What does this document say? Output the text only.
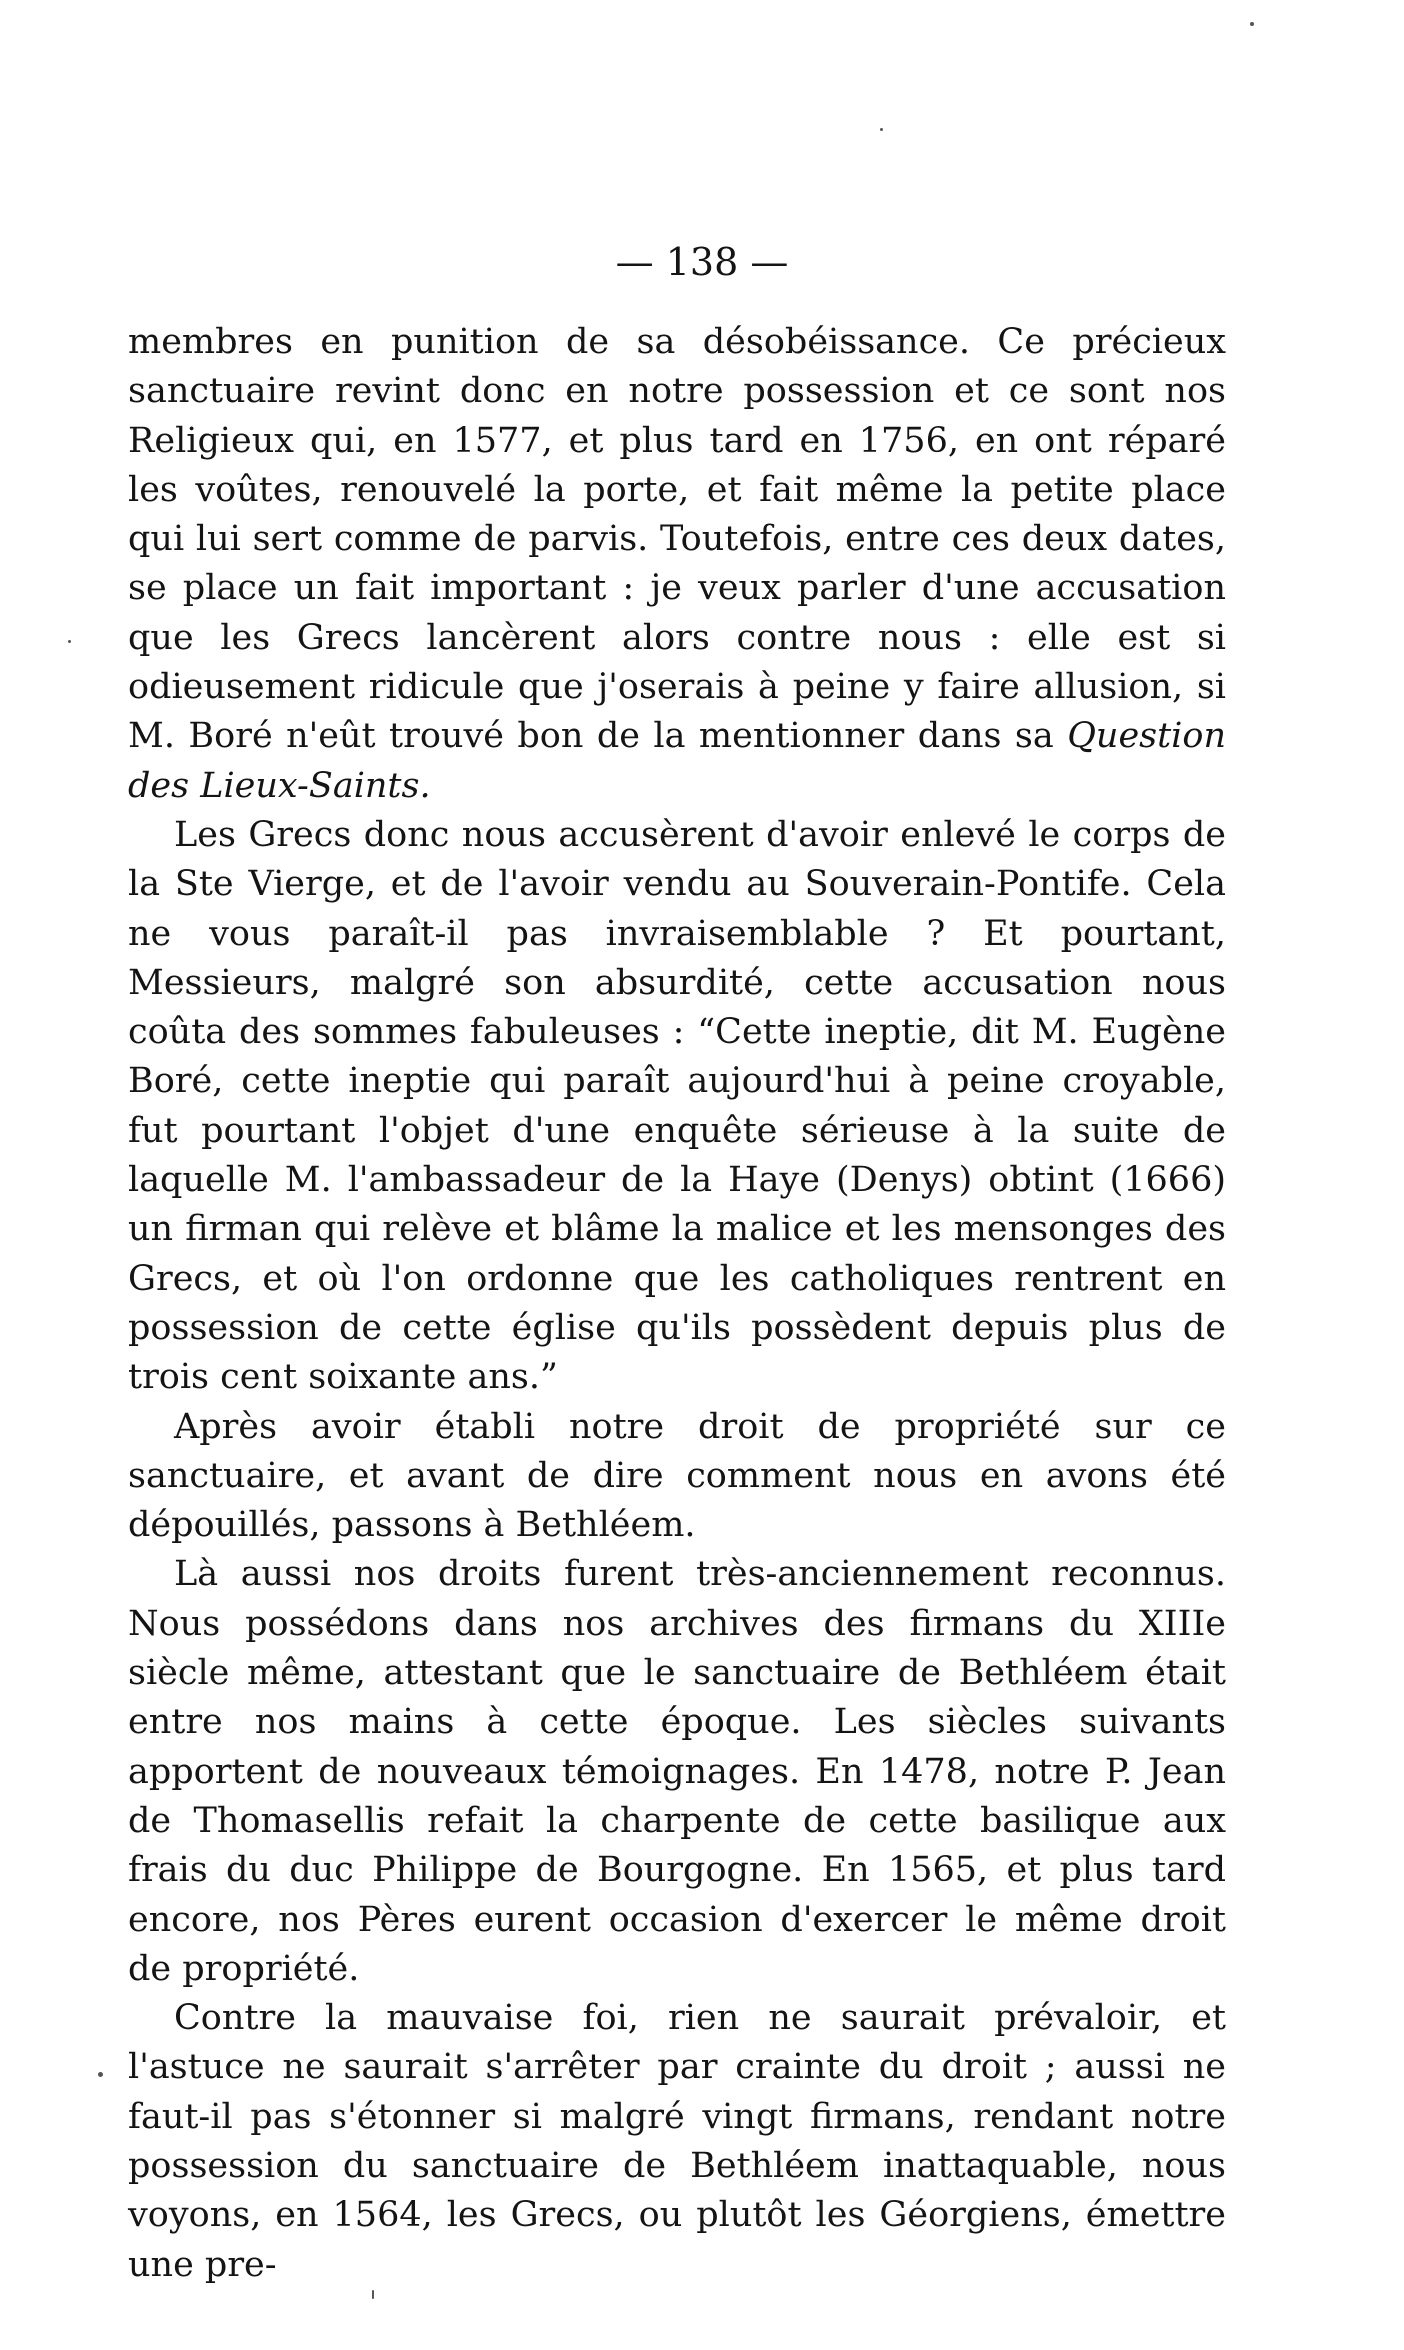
— 138 —

membres en punition de sa désobéissance. Ce précieux sanctuaire revint donc en notre possession et ce sont nos Religieux qui, en 1577, et plus tard en 1756, en ont réparé les voûtes, renouvelé la porte, et fait même la petite place qui lui sert comme de parvis. Toutefois, entre ces deux dates, se place un fait important : je veux parler d'une accusation que les Grecs lancèrent alors contre nous : elle est si odieusement ridicule que j'oserais à peine y faire allusion, si M. Boré n'eût trouvé bon de la mentionner dans sa Question des Lieux-Saints.

Les Grecs donc nous accusèrent d'avoir enlevé le corps de la Ste Vierge, et de l'avoir vendu au Souverain-Pontife. Cela ne vous paraît-il pas invraisemblable ? Et pourtant, Messieurs, malgré son absurdité, cette accusation nous coûta des sommes fabuleuses : “Cette ineptie, dit M. Eugène Boré, cette ineptie qui paraît aujourd'hui à peine croyable, fut pourtant l'objet d'une enquête sérieuse à la suite de laquelle M. l'ambassadeur de la Haye (Denys) obtint (1666) un firman qui relève et blâme la malice et les mensonges des Grecs, et où l'on ordonne que les catholiques rentrent en possession de cette église qu'ils possèdent depuis plus de trois cent soixante ans.”

Après avoir établi notre droit de propriété sur ce sanctuaire, et avant de dire comment nous en avons été dépouillés, passons à Bethléem.

Là aussi nos droits furent très-anciennement reconnus. Nous possédons dans nos archives des firmans du XIIIe siècle même, attestant que le sanctuaire de Bethléem était entre nos mains à cette époque. Les siècles suivants apportent de nouveaux témoignages. En 1478, notre P. Jean de Thomasellis refait la charpente de cette basilique aux frais du duc Philippe de Bourgogne. En 1565, et plus tard encore, nos Pères eurent occasion d'exercer le même droit de propriété.

Contre la mauvaise foi, rien ne saurait prévaloir, et l'astuce ne saurait s'arrêter par crainte du droit ; aussi ne faut-il pas s'étonner si malgré vingt firmans, rendant notre possession du sanctuaire de Bethléem inattaquable, nous voyons, en 1564, les Grecs, ou plutôt les Géorgiens, émettre une pre-
